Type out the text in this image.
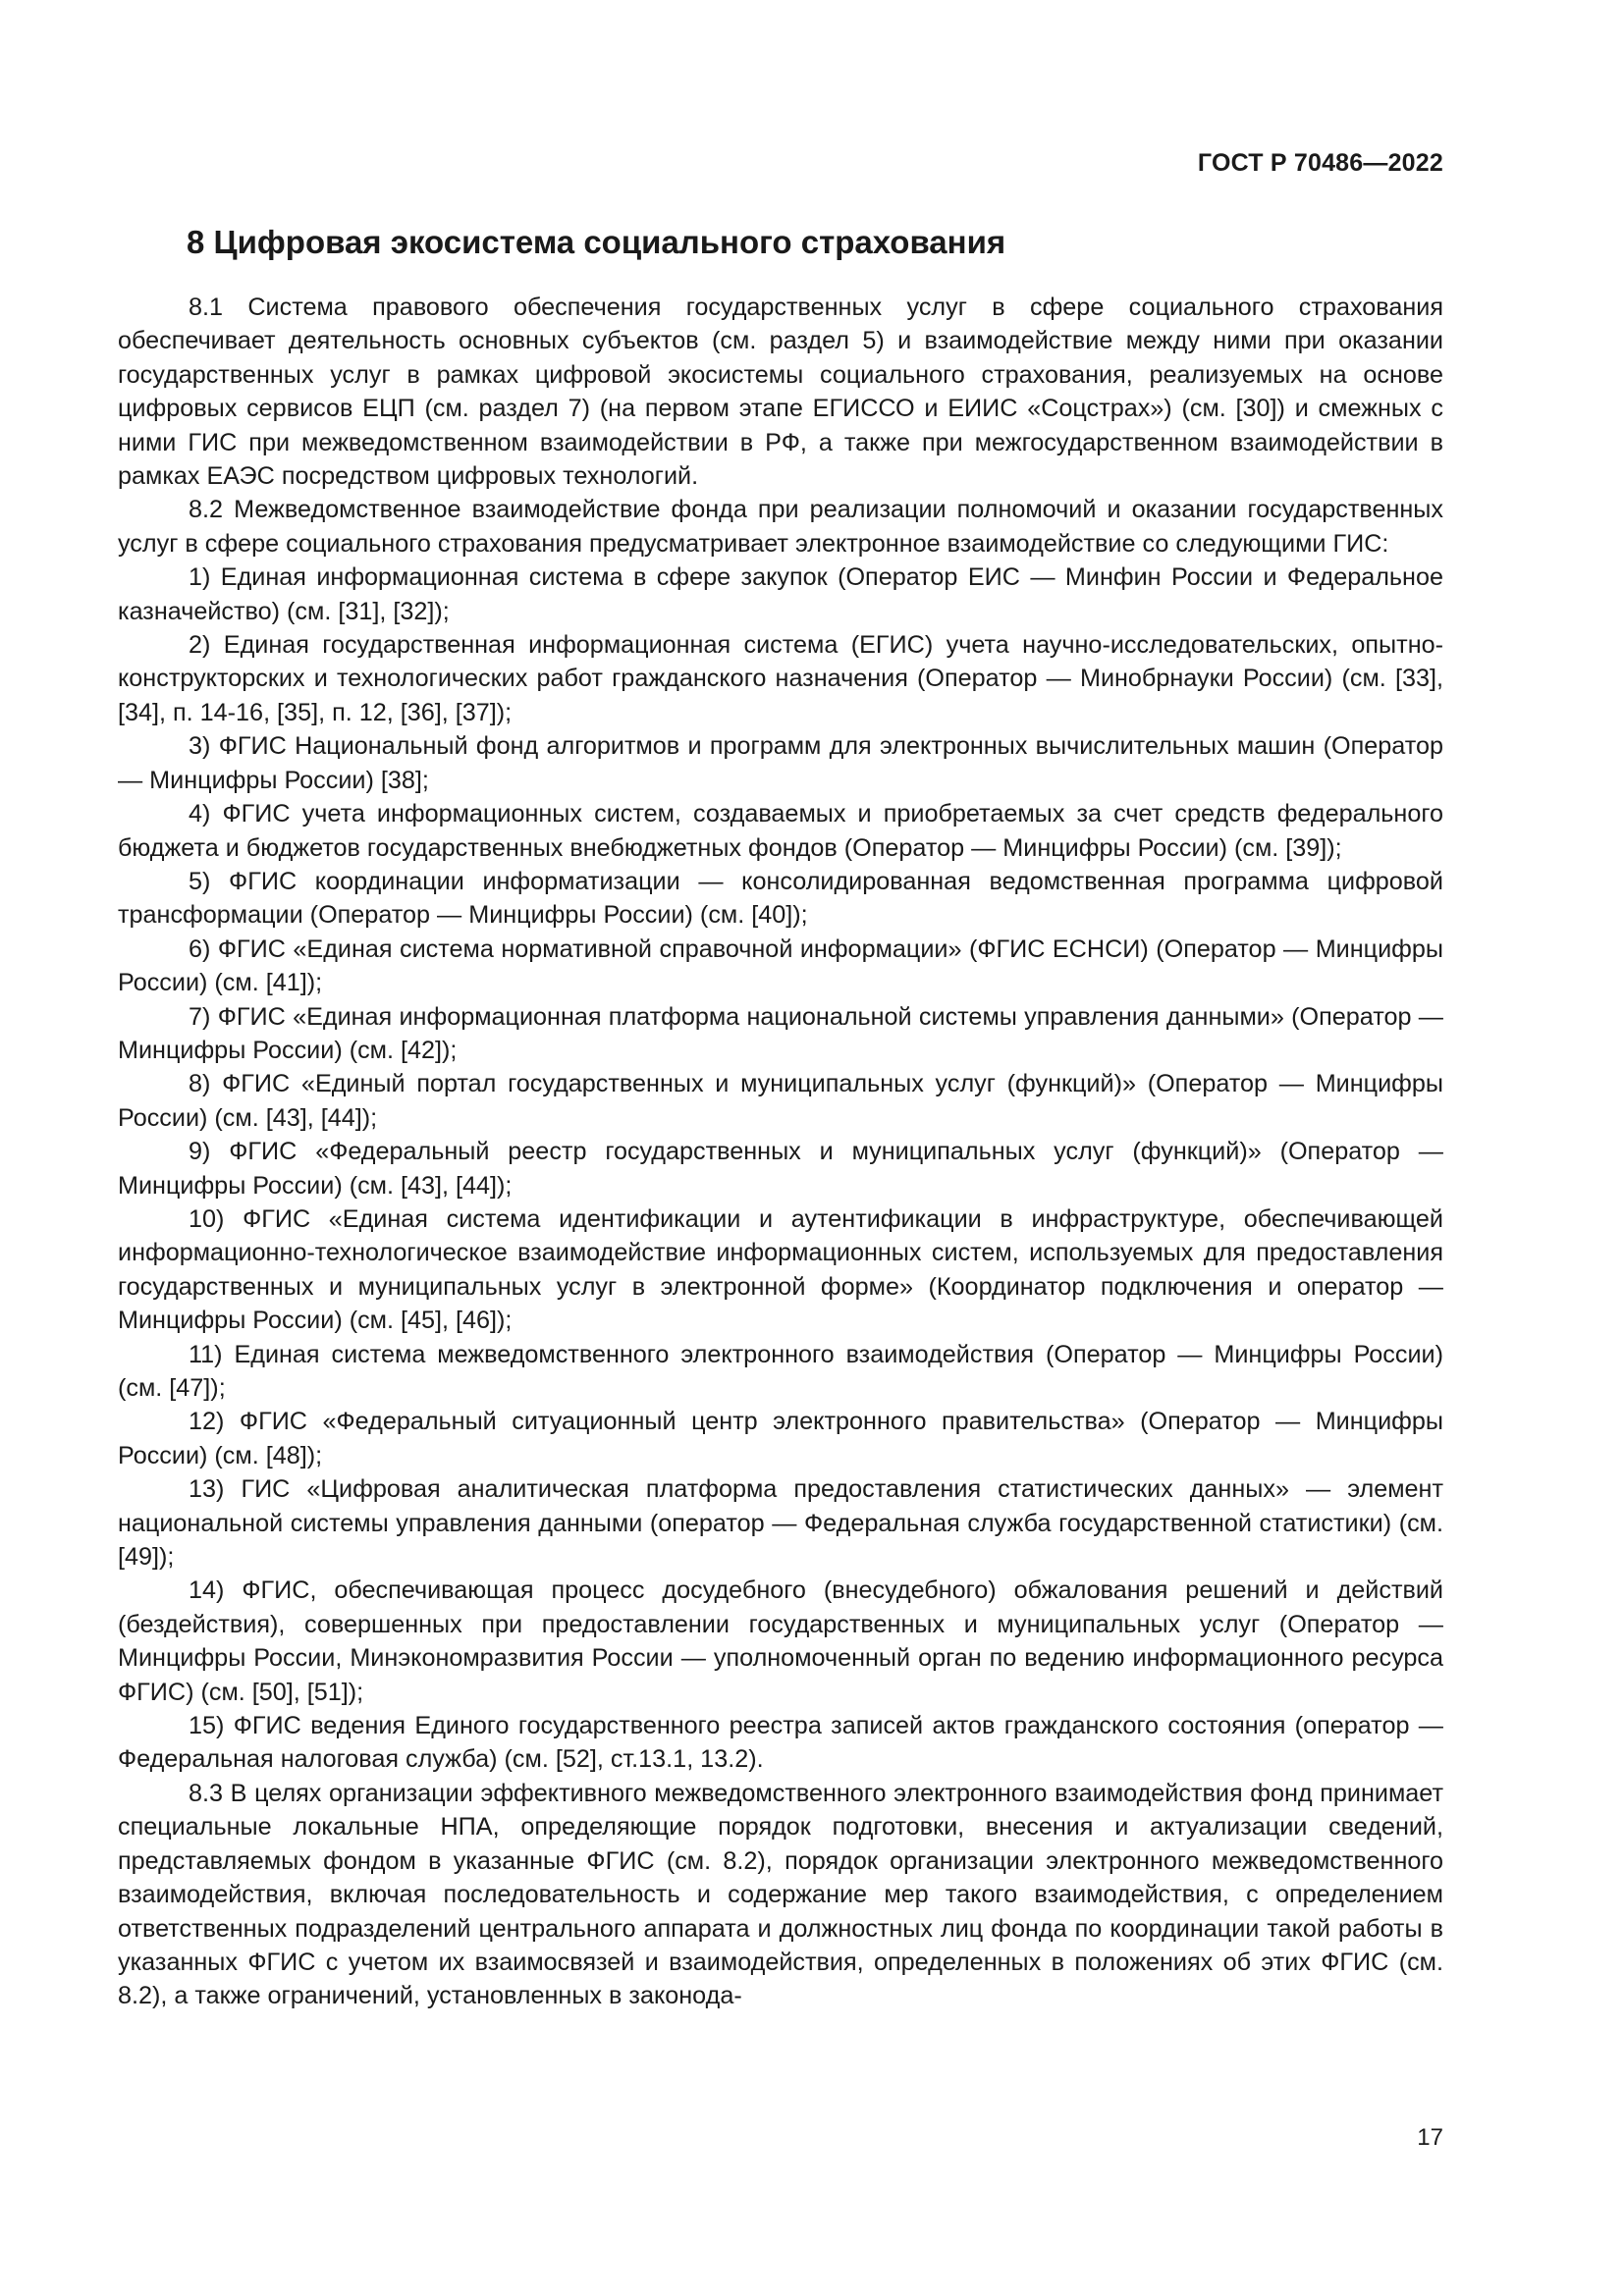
ГОСТ Р 70486—2022
8 Цифровая экосистема социального страхования

8.1 Система правового обеспечения государственных услуг в сфере социального страхования обеспечивает деятельность основных субъектов (см. раздел 5) и взаимодействие между ними при оказании государственных услуг в рамках цифровой экосистемы социального страхования, реализуемых на основе цифровых сервисов ЕЦП (см. раздел 7) (на первом этапе ЕГИССО и ЕИИС «Соцстрах») (см. [30]) и смежных с ними ГИС при межведомственном взаимодействии в РФ, а также при межгосударственном взаимодействии в рамках ЕАЭС посредством цифровых технологий.

8.2 Межведомственное взаимодействие фонда при реализации полномочий и оказании государственных услуг в сфере социального страхования предусматривает электронное взаимодействие со следующими ГИС:

1) Единая информационная система в сфере закупок (Оператор ЕИС — Минфин России и Федеральное казначейство) (см. [31], [32]);

2) Единая государственная информационная система (ЕГИС) учета научно-исследовательских, опытно-конструкторских и технологических работ гражданского назначения (Оператор — Минобрнауки России) (см. [33], [34], п. 14-16, [35], п. 12, [36], [37]);

3) ФГИС Национальный фонд алгоритмов и программ для электронных вычислительных машин (Оператор — Минцифры России) [38];

4) ФГИС учета информационных систем, создаваемых и приобретаемых за счет средств федерального бюджета и бюджетов государственных внебюджетных фондов (Оператор — Минцифры России) (см. [39]);

5) ФГИС координации информатизации — консолидированная ведомственная программа цифровой трансформации (Оператор — Минцифры России) (см. [40]);

6) ФГИС «Единая система нормативной справочной информации» (ФГИС ЕСНСИ) (Оператор — Минцифры России) (см. [41]);

7) ФГИС «Единая информационная платформа национальной системы управления данными» (Оператор — Минцифры России) (см. [42]);

8) ФГИС «Единый портал государственных и муниципальных услуг (функций)» (Оператор — Минцифры России) (см. [43], [44]);

9) ФГИС «Федеральный реестр государственных и муниципальных услуг (функций)» (Оператор — Минцифры России) (см. [43], [44]);

10) ФГИС «Единая система идентификации и аутентификации в инфраструктуре, обеспечивающей информационно-технологическое взаимодействие информационных систем, используемых для предоставления государственных и муниципальных услуг в электронной форме» (Координатор подключения и оператор — Минцифры России) (см. [45], [46]);

11) Единая система межведомственного электронного взаимодействия (Оператор — Минцифры России) (см. [47]);

12) ФГИС «Федеральный ситуационный центр электронного правительства» (Оператор — Минцифры России) (см. [48]);

13) ГИС «Цифровая аналитическая платформа предоставления статистических данных» — элемент национальной системы управления данными (оператор — Федеральная служба государственной статистики) (см. [49]);

14) ФГИС, обеспечивающая процесс досудебного (внесудебного) обжалования решений и действий (бездействия), совершенных при предоставлении государственных и муниципальных услуг (Оператор — Минцифры России, Минэкономразвития России — уполномоченный орган по ведению информационного ресурса ФГИС) (см. [50], [51]);

15) ФГИС ведения Единого государственного реестра записей актов гражданского состояния (оператор — Федеральная налоговая служба) (см. [52], ст.13.1, 13.2).

8.3 В целях организации эффективного межведомственного электронного взаимодействия фонд принимает специальные локальные НПА, определяющие порядок подготовки, внесения и актуализации сведений, представляемых фондом в указанные ФГИС (см. 8.2), порядок организации электронного межведомственного взаимодействия, включая последовательность и содержание мер такого взаимодействия, с определением ответственных подразделений центрального аппарата и должностных лиц фонда по координации такой работы в указанных ФГИС с учетом их взаимосвязей и взаимодействия, определенных в положениях об этих ФГИС (см. 8.2), а также ограничений, установленных в законода-

17
